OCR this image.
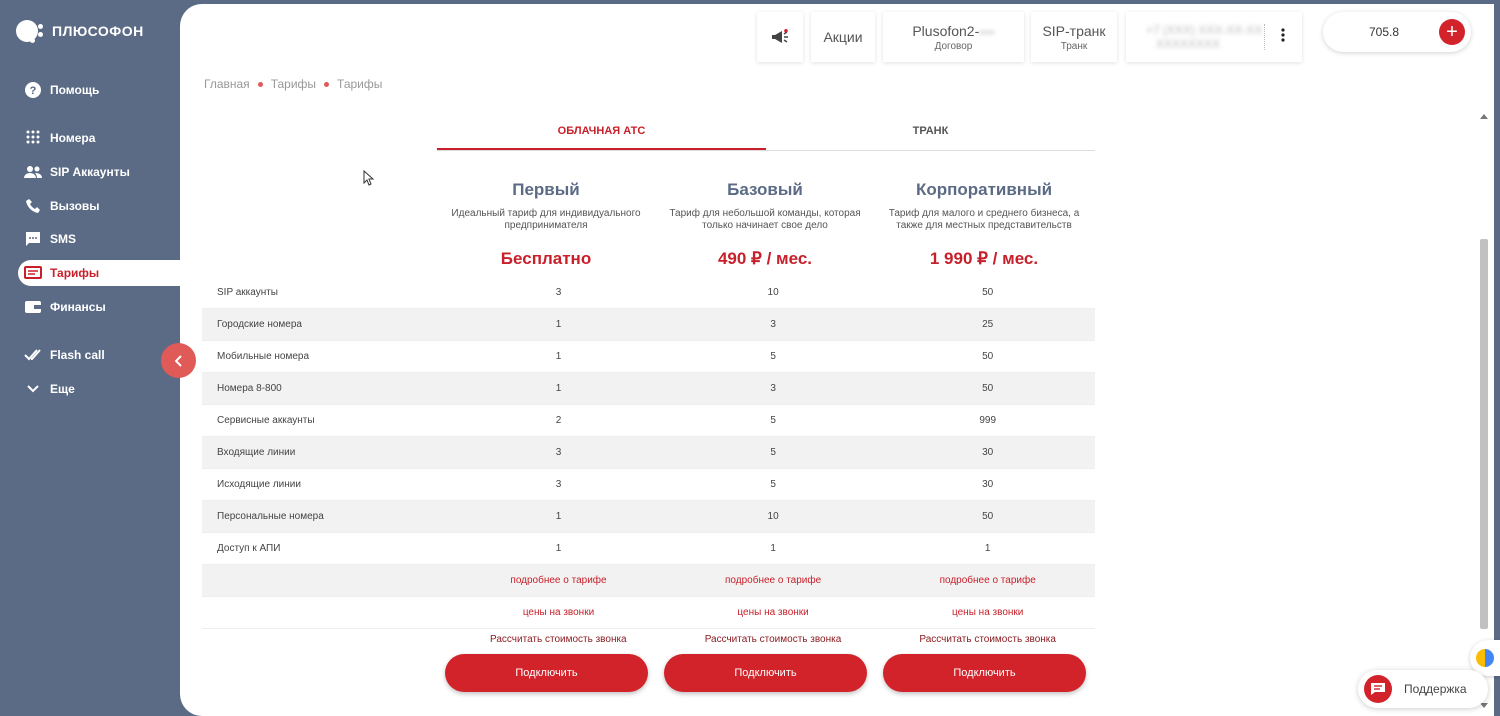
ПЛЮСОФОН
? Помощь
Номера
SIP Аккаунты
Вызовы
SMS
Тарифы
Финансы
Flash call
Еще
Акции	Plusofon2-••••
Договор
SIP-транк
Транк
+7 (XXX) XXX-XX-XX
XXXXXXXX
705.8 +
Главная Тарифы Тарифы
ОБЛАЧНАЯ АТС	ТРАНК
Первый
Идеальный тариф для индивидуального предпринимателя
Бесплатно
Базовый
Тариф для небольшой команды, которая только начинает свое дело
490 ₽ / мес.
Корпоративный
Тариф для малого и среднего бизнеса, а также для местных представительств
1 990 ₽ / мес.
SIP аккаунты	3	10	50
Городские номера	1	3	25
Мобильные номера	1	5	50
Номера 8-800	1	3	50
Сервисные аккаунты	2	5	999
Входящие линии	3	5	30
Исходящие линии	3	5	30
Персональные номера	1	10	50
Доступ к АПИ	1	1	1
подробнее о тарифе	подробнее о тарифе	подробнее о тарифе
цены на звонки	цены на звонки	цены на звонки
Рассчитать стоимость звонка	Рассчитать стоимость звонка	Рассчитать стоимость звонка
Подключить	Подключить	Подключить
Поддержка
